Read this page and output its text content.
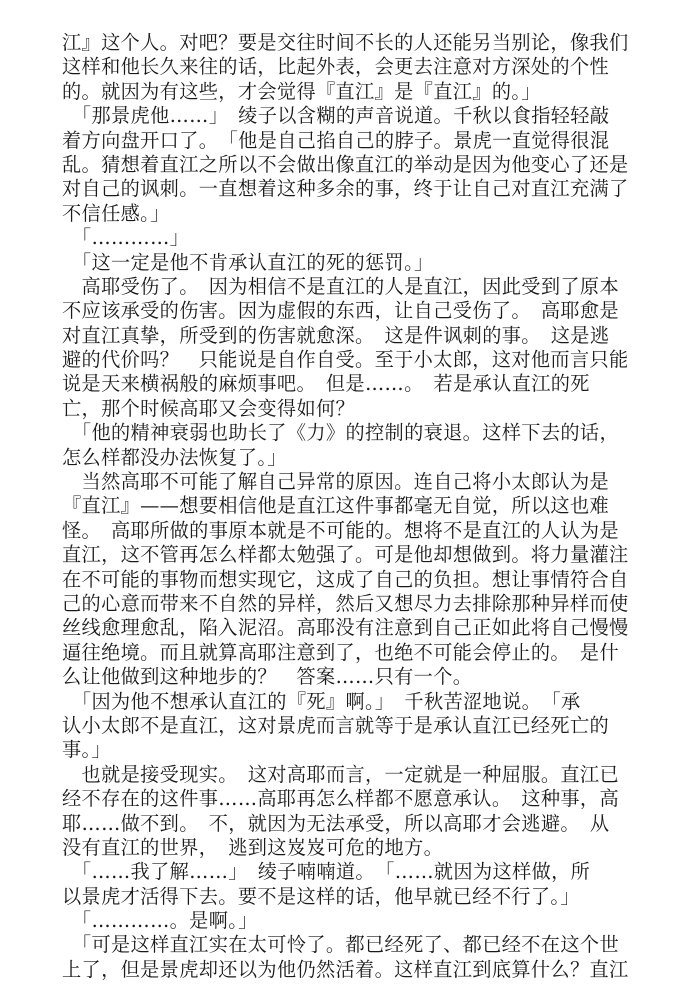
江』这个人。对吧？要是交往时间不长的人还能另当别论，像我们
这样和他长久来往的话，比起外表，会更去注意对方深处的个性
的。就因为有这些，才会觉得『直江』是『直江』的。」
　「那景虎他……」　绫子以含糊的声音说道。千秋以食指轻轻敲
着方向盘开口了。　「他是自己掐自己的脖子。景虎一直觉得很混
乱。猜想着直江之所以不会做出像直江的举动是因为他变心了还是
对自己的讽刺。一直想着这种多余的事，终于让自己对直江充满了
不信任感。」
　「…………」
　「这一定是他不肯承认直江的死的惩罚。」
　高耶受伤了。　因为相信不是直江的人是直江，因此受到了原本
不应该承受的伤害。因为虚假的东西，让自己受伤了。　高耶愈是
对直江真挚，所受到的伤害就愈深。　这是件讽刺的事。　这是逃
避的代价吗？　只能说是自作自受。至于小太郎，这对他而言只能
说是天来横祸般的麻烦事吧。　但是……。　若是承认直江的死
亡，那个时候高耶又会变得如何？
　「他的精神衰弱也助长了《力》的控制的衰退。这样下去的话，
怎么样都没办法恢复了。」
　当然高耶不可能了解自己异常的原因。连自己将小太郎认为是
『直江』——想要相信他是直江这件事都毫无自觉，所以这也难
怪。　高耶所做的事原本就是不可能的。想将不是直江的人认为是
直江，这不管再怎么样都太勉强了。可是他却想做到。将力量灌注
在不可能的事物而想实现它，这成了自己的负担。想让事情符合自
己的心意而带来不自然的异样，然后又想尽力去排除那种异样而使
丝线愈理愈乱，陷入泥沼。高耶没有注意到自己正如此将自己慢慢
逼往绝境。而且就算高耶注意到了，也绝不可能会停止的。　是什
么让他做到这种地步的？　答案……只有一个。
　「因为他不想承认直江的『死』啊。」　千秋苦涩地说。　「承
认小太郎不是直江，这对景虎而言就等于是承认直江已经死亡的
事。」
　也就是接受现实。　这对高耶而言，一定就是一种屈服。直江已
经不存在的这件事……高耶再怎么样都不愿意承认。　这种事，高
耶……做不到。　不，就因为无法承受，所以高耶才会逃避。　从
没有直江的世界，　逃到这岌岌可危的地方。
　「……我了解……」　绫子喃喃道。　「……就因为这样做，所
以景虎才活得下去。要不是这样的话，他早就已经不行了。」
　「…………。是啊。」
　「可是这样直江实在太可怜了。都已经死了、都已经不在这个世
上了，但是景虎却还以为他仍然活着。这样直江到底算什么？直江
